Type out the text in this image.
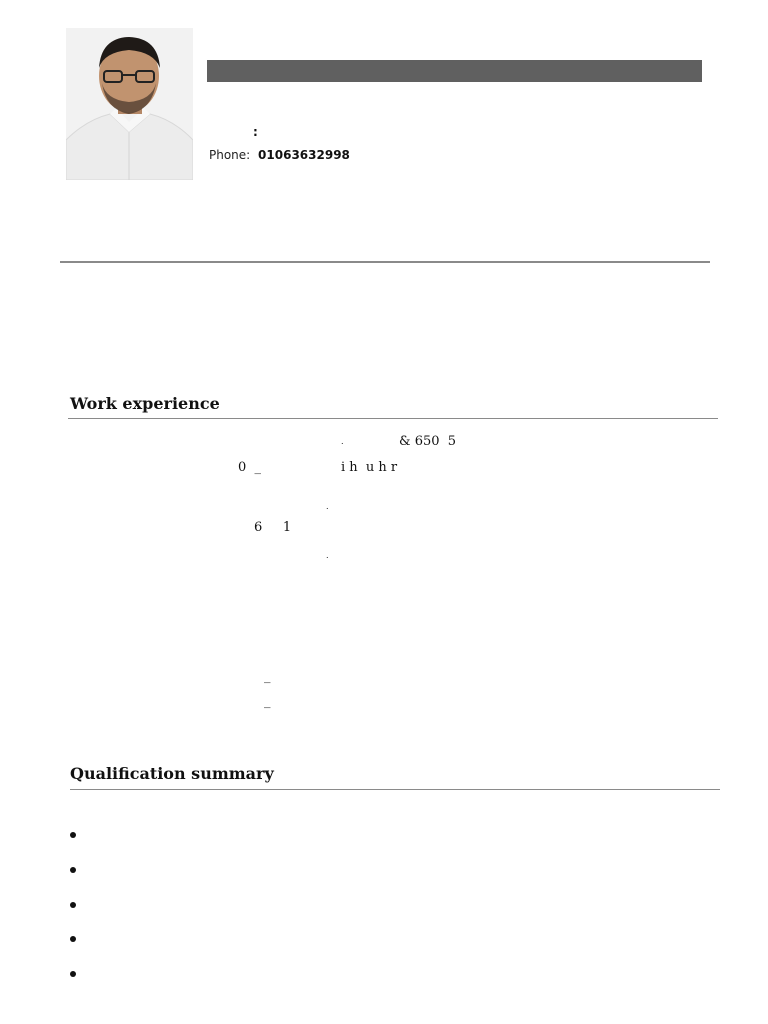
:
Phone: 01063632998
Work experience
.	& 650  5
0  _	i h  u h r
.
6     1
.
_
_
Qualification summary
